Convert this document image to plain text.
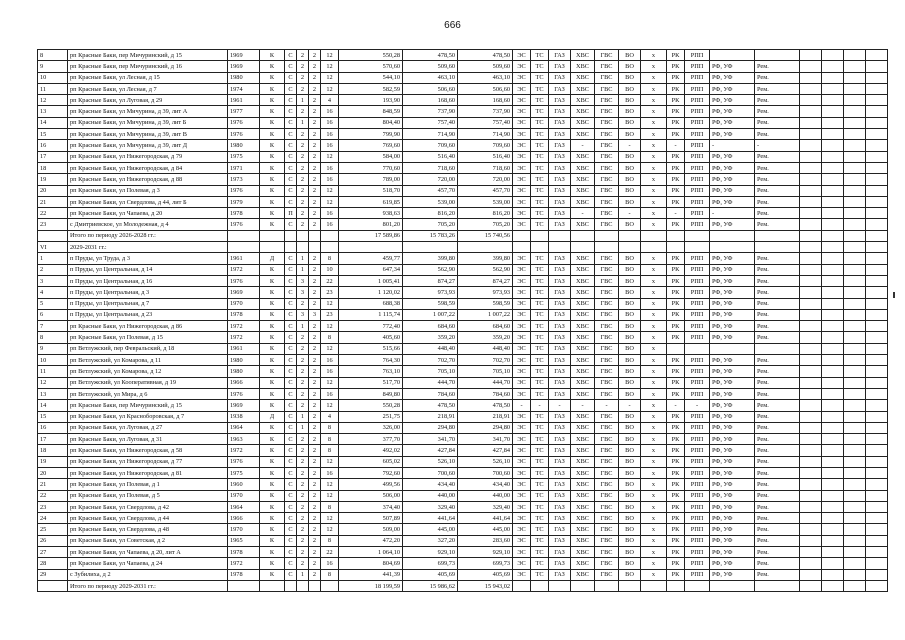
666
8	рп Красные Баки, пер Мичуринский, д 15	1969	К	С	2	2	12	550,28	478,50	478,50	ЭС	ТС	ГАЗ	ХВС	ГВС	ВО	х	РК	РПП						
9	рп Красные Баки, пер Мичуринский, д 16	1969	К	С	2	2	12	570,60	509,60	509,60	ЭС	ТС	ГАЗ	ХВС	ГВС	ВО	х	РК	РПП	РФ, УФ	Рем.				
10	рп Красные Баки, ул Лесная, д 15	1980	К	С	2	2	12	544,10	463,10	463,10	ЭС	ТС	ГАЗ	ХВС	ГВС	ВО	х	РК	РПП	РФ, УФ	Рем.				
11	рп Красные Баки, ул Лесная, д 7	1974	К	С	2	2	12	582,59	506,60	506,60	ЭС	ТС	ГАЗ	ХВС	ГВС	ВО	х	РК	РПП	РФ, УФ	Рем.				
12	рп Красные Баки, ул Луговая, д 29	1961	К	С	1	2	4	193,90	168,60	168,60	ЭС	ТС	ГАЗ	ХВС	ГВС	ВО	х	РК	РПП	РФ, УФ	Рем.				
13	рп Красные Баки, ул Мичурина, д 39, лит А	1977	К	С	2	2	16	848,59	737,90	737,90	ЭС	ТС	ГАЗ	ХВС	ГВС	ВО	х	РК	РПП	РФ, УФ	Рем.				
14	рп Красные Баки, ул Мичурина, д 39, лит Б	1976	К	С	1	2	16	804,40	757,40	757,40	ЭС	ТС	ГАЗ	ХВС	ГВС	ВО	х	РК	РПП	РФ, УФ	Рем.				
15	рп Красные Баки, ул Мичурина, д 39, лит В	1976	К	С	2	2	16	799,90	714,90	714,90	ЭС	ТС	ГАЗ	ХВС	ГВС	ВО	х	РК	РПП	РФ, УФ	Рем.				
16	рп Красные Баки, ул Мичурина, д 39, лит Д	1980	К	С	2	2	16	769,60	709,60	709,60	ЭС	ТС	ГАЗ	-	ГВС	-	х	-	РПП	-	-				
17	рп Красные Баки, ул Нижегородская, д 79	1975	К	С	2	2	12	584,00	516,40	516,40	ЭС	ТС	ГАЗ	ХВС	ГВС	ВО	х	РК	РПП	РФ, УФ	Рем.				
18	рп Красные Баки, ул Нижегородская, д 84	1971	К	С	2	2	16	770,60	718,60	718,60	ЭС	ТС	ГАЗ	ХВС	ГВС	ВО	х	РК	РПП	РФ, УФ	Рем.				
19	рп Красные Баки, ул Нижегородская, д 88	1973	К	С	2	2	16	789,00	720,00	720,00	ЭС	ТС	ГАЗ	ХВС	ГВС	ВО	х	РК	РПП	РФ, УФ	Рем.				
20	рп Красные Баки, ул Полевая, д 3	1976	К	С	2	2	12	518,70	457,70	457,70	ЭС	ТС	ГАЗ	ХВС	ГВС	ВО	х	РК	РПП	РФ, УФ	Рем.				
21	рп Красные Баки, ул Свердлова, д 44, лит Б	1979	К	С	2	2	12	619,85	539,00	539,00	ЭС	ТС	ГАЗ	ХВС	ГВС	ВО	х	РК	РПП	РФ, УФ	Рем.				
22	рп Красные Баки, ул Чапаева, д 20	1978	К	П	2	2	16	938,63	816,20	816,20	ЭС	ТС	ГАЗ	-	ГВС	-	х	-	РПП	-	Рем.				
23	с Дмитриевское, ул Молодежная, д 4	1976	К	С	2	2	16	801,20	705,20	705,20	ЭС	ТС	ГАЗ	ХВС	ГВС	ВО	х	РК	РПП	РФ, УФ	Рем.				
	Итого по периоду 2026-2028 гг.:							17 589,86	15 783,26	15 740,56															
VI	2029-2031 гг.:																								
1	п Пруды, ул Труда, д 3	1961	Д	С	1	2	8	459,77	399,80	399,80	ЭС	ТС	ГАЗ	ХВС	ГВС	ВО	х	РК	РПП	РФ, УФ	Рем.				
2	п Пруды, ул Центральная, д 14	1972	К	С	1	2	10	647,34	562,90	562,90	ЭС	ТС	ГАЗ	ХВС	ГВС	ВО	х	РК	РПП	РФ, УФ	Рем.				
3	п Пруды, ул Центральная, д 16	1976	К	С	3	2	22	1 005,41	874,27	874,27	ЭС	ТС	ГАЗ	ХВС	ГВС	ВО	х	РК	РПП	РФ, УФ	Рем.				
4	п Пруды, ул Центральная, д 3	1969	К	С	3	2	23	1 120,02	973,93	973,93	ЭС	ТС	ГАЗ	ХВС	ГВС	ВО	х	РК	РПП	РФ, УФ	Рем.				
5	п Пруды, ул Центральная, д 7	1970	К	С	2	2	12	688,38	598,59	598,59	ЭС	ТС	ГАЗ	ХВС	ГВС	ВО	х	РК	РПП	РФ, УФ	Рем.				
6	п Пруды, ул Центральная, д 23	1978	К	С	3	3	23	1 115,74	1 007,22	1 007,22	ЭС	ТС	ГАЗ	ХВС	ГВС	ВО	х	РК	РПП	РФ, УФ	Рем.				
7	рп Красные Баки, ул Нижегородская, д 86	1972	К	С	1	2	12	772,40	684,60	684,60	ЭС	ТС	ГАЗ	ХВС	ГВС	ВО	х	РК	РПП	РФ, УФ	Рем.				
8	рп Красные Баки, ул Полевая, д 15	1972	К	С	2	2	8	405,60	359,20	359,20	ЭС	ТС	ГАЗ	ХВС	ГВС	ВО	х	РК	РПП	РФ, УФ	Рем.				
9	рп Ветлужский, пер Февральский, д 18	1961	К	С	2	2	12	515,66	448,40	448,40	ЭС	ТС	ГАЗ	ХВС	ГВС	ВО	х								
10	рп Ветлужский, ул Комарова, д 11	1980	К	С	2	2	16	764,30	702,70	702,70	ЭС	ТС	ГАЗ	ХВС	ГВС	ВО	х	РК	РПП	РФ, УФ	Рем.				
11	рп Ветлужский, ул Комарова, д 12	1980	К	С	2	2	16	763,10	705,10	705,10	ЭС	ТС	ГАЗ	ХВС	ГВС	ВО	х	РК	РПП	РФ, УФ	Рем.				
12	рп Ветлужский, ул Кооперативная, д 19	1966	К	С	2	2	12	517,70	444,70	444,70	ЭС	ТС	ГАЗ	ХВС	ГВС	ВО	х	РК	РПП	РФ, УФ	Рем.				
13	рп Ветлужский, ул Мира, д 6	1976	К	С	2	2	16	849,80	784,60	784,60	ЭС	ТС	ГАЗ	ХВС	ГВС	ВО	х	РК	РПП	РФ, УФ	Рем.				
14	рп Красные Баки, пер Мичуринский, д 15	1969	К	С	2	2	12	550,28	478,50	478,50	-	-	-	-	-	-	х	-	-	РФ, УФ	Рем.				
15	рп Красные Баки, ул Красноборовская, д 7	1938	Д	С	1	2	4	251,75	218,91	218,91	ЭС	ТС	ГАЗ	ХВС	ГВС	ВО	х	РК	РПП	РФ, УФ	Рем.				
16	рп Красные Баки, ул Луговая, д 27	1964	К	С	1	2	8	326,00	294,80	294,80	ЭС	ТС	ГАЗ	ХВС	ГВС	ВО	х	РК	РПП	РФ, УФ	Рем.				
17	рп Красные Баки, ул Луговая, д 31	1963	К	С	2	2	8	377,70	341,70	341,70	ЭС	ТС	ГАЗ	ХВС	ГВС	ВО	х	РК	РПП	РФ, УФ	Рем.				
18	рп Красные Баки, ул Нижегородская, д 58	1972	К	С	2	2	8	492,02	427,84	427,84	ЭС	ТС	ГАЗ	ХВС	ГВС	ВО	х	РК	РПП	РФ, УФ	Рем.				
19	рп Красные Баки, ул Нижегородская, д 77	1976	К	С	2	2	12	605,02	526,10	526,10	ЭС	ТС	ГАЗ	ХВС	ГВС	ВО	х	РК	РПП	РФ, УФ	Рем.				
20	рп Красные Баки, ул Нижегородская, д 81	1975	К	С	2	2	16	792,60	700,60	700,60	ЭС	ТС	ГАЗ	ХВС	ГВС	ВО	х	РК	РПП	РФ, УФ	Рем.				
21	рп Красные Баки, ул Полевая, д 1	1960	К	С	2	2	12	499,56	434,40	434,40	ЭС	ТС	ГАЗ	ХВС	ГВС	ВО	х	РК	РПП	РФ, УФ	Рем.				
22	рп Красные Баки, ул Полевая, д 5	1970	К	С	2	2	12	506,00	440,00	440,00	ЭС	ТС	ГАЗ	ХВС	ГВС	ВО	х	РК	РПП	РФ, УФ	Рем.				
23	рп Красные Баки, ул Свердлова, д 42	1964	К	С	2	2	8	374,40	329,40	329,40	ЭС	ТС	ГАЗ	ХВС	ГВС	ВО	х	РК	РПП	РФ, УФ	Рем.				
24	рп Красные Баки, ул Свердлова, д 44	1966	К	С	2	2	12	507,89	441,64	441,64	ЭС	ТС	ГАЗ	ХВС	ГВС	ВО	х	РК	РПП	РФ, УФ	Рем.				
25	рп Красные Баки, ул Свердлова, д 48	1970	К	С	2	2	12	509,00	445,00	445,00	ЭС	ТС	ГАЗ	ХВС	ГВС	ВО	х	РК	РПП	РФ, УФ	Рем.				
26	рп Красные Баки, ул Советская, д 2	1965	К	С	2	2	8	472,20	327,20	283,60	ЭС	ТС	ГАЗ	ХВС	ГВС	ВО	х	РК	РПП	РФ, УФ	Рем.				
27	рп Красные Баки, ул Чапаева, д 20, лит А	1978	К	С	2	2	22	1 064,10	929,10	929,10	ЭС	ТС	ГАЗ	ХВС	ГВС	ВО	х	РК	РПП	РФ, УФ	Рем.				
28	рп Красные Баки, ул Чапаева, д 24	1972	К	С	2	2	16	804,69	699,73	699,73	ЭС	ТС	ГАЗ	ХВС	ГВС	ВО	х	РК	РПП	РФ, УФ	Рем.				
29	с Зубилиха, д 2	1978	К	С	1	2	8	441,39	405,69	405,69	ЭС	ТС	ГАЗ	ХВС	ГВС	ВО	х	РК	РПП	РФ, УФ	Рем.				
	Итого по периоду 2029-2031 гг.:							18 199,59	15 986,62	15 943,02															
